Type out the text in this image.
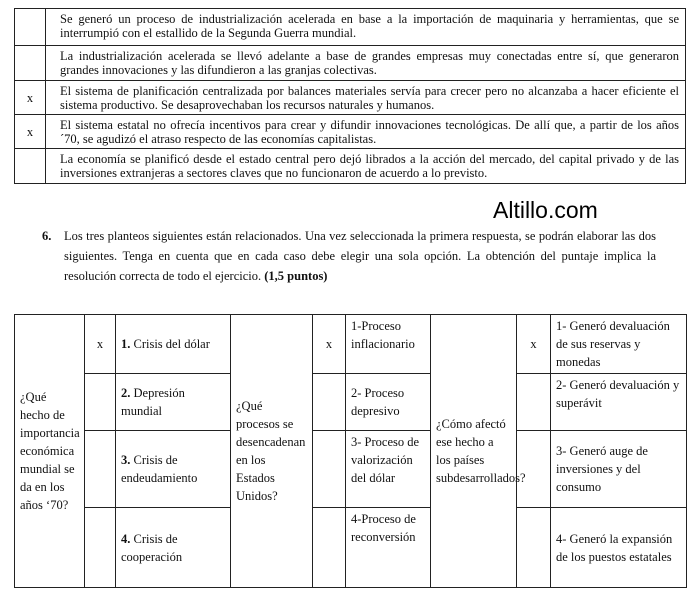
	Se generó un proceso de industrialización acelerada en base a la importación de maquinaria y herramientas, que se interrumpió con el estallido de la Segunda Guerra mundial.
	La industrialización acelerada se llevó adelante a base de grandes empresas muy conectadas entre sí, que generaron grandes innovaciones y las difundieron a las granjas colectivas.
x	El sistema de planificación centralizada por balances materiales servía para crecer pero no alcanzaba a hacer eficiente el sistema productivo. Se desaprovechaban los recursos naturales y humanos.
x	El sistema estatal no ofrecía incentivos para crear y difundir innovaciones tecnológicas. De allí que, a partir de los años ´70, se agudizó el atraso respecto de las economías capitalistas.
	La economía se planificó desde el estado central pero dejó librados a la acción del mercado, del capital privado y de las inversiones extranjeras a sectores claves que no funcionaron de acuerdo a lo previsto.
Altillo.com
6.	Los tres planteos siguientes están relacionados. Una vez seleccionada la primera respuesta, se podrán elaborar las dos siguientes. Tenga en cuenta que en cada caso debe elegir una sola opción. La obtención del puntaje implica la resolución correcta de todo el ejercicio. (1,5 puntos)
¿Qué hecho de importancia económica mundial se da en los años ‘70?	x	1. Crisis del dólar	¿Qué procesos se desencadenan en los Estados Unidos?	x	1-Proceso inflacionario	¿Cómo afectó ese hecho a los países subdesarrollados?	x	1- Generó devaluación de sus reservas y monedas
		2. Depresión mundial			2- Proceso depresivo			2- Generó devaluación y superávit
		3. Crisis de endeudamiento			3- Proceso de valorización del dólar			3- Generó auge de inversiones y del consumo
		4. Crisis de cooperación			4-Proceso de reconversión			4- Generó la expansión de los puestos estatales
